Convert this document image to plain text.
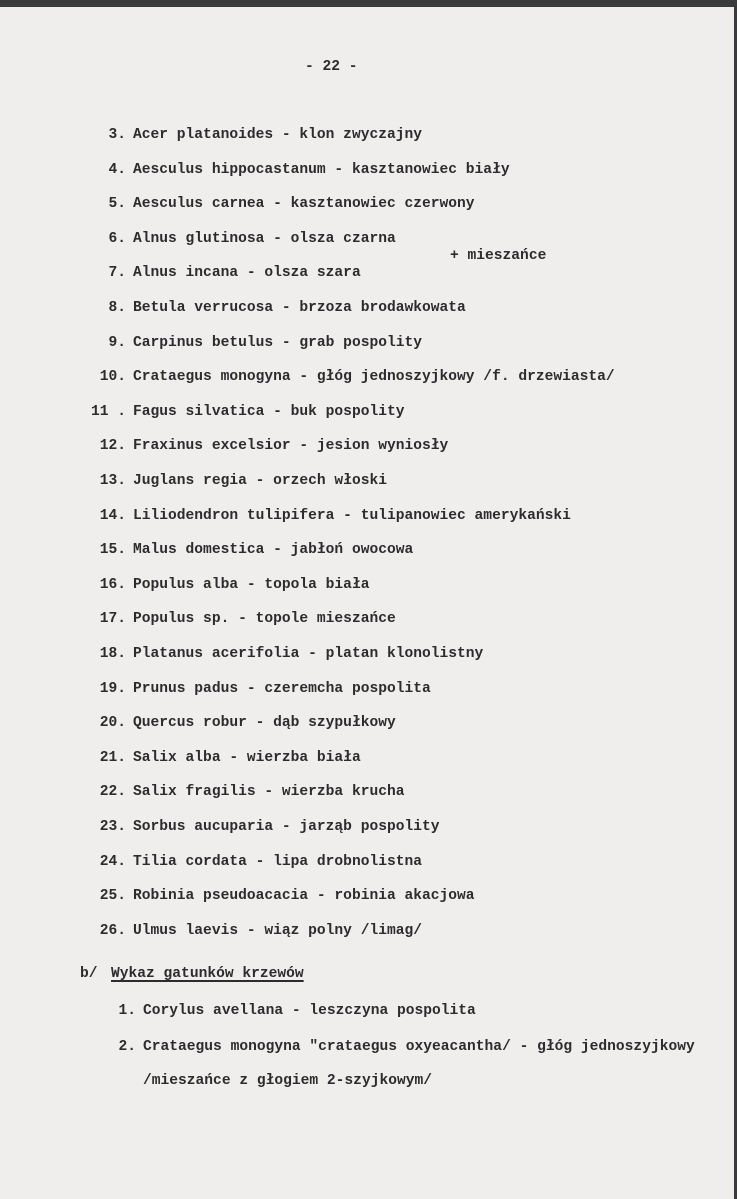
- 22 -
3. Acer platanoides - klon zwyczajny
4. Aesculus hippocastanum - kasztanowiec biały
5. Aesculus carnea - kasztanowiec czerwony
6. Alnus glutinosa - olsza czarna
7. Alnus incana - olsza szara
8. Betula verrucosa - brzoza brodawkowata
9. Carpinus betulus - grab pospolity
10. Crataegus monogyna - głóg jednoszyjkowy /f. drzewiasta/
11 . Fagus silvatica - buk pospolity
12. Fraxinus excelsior - jesion wyniosły
13. Juglans regia - orzech włoski
14. Liliodendron tulipifera - tulipanowiec amerykański
15. Malus domestica - jabłoń owocowa
16. Populus alba - topola biała
17. Populus sp. - topole mieszańce
18. Platanus acerifolia - platan klonolistny
19. Prunus padus - czeremcha pospolita
20. Quercus robur - dąb szypułkowy
21. Salix alba - wierzba biała
22. Salix fragilis - wierzba krucha
23. Sorbus aucuparia - jarząb pospolity
24. Tilia cordata - lipa drobnolistna
25. Robinia pseudoacacia - robinia akacjowa
26. Ulmus laevis - wiąz polny /limag/
+ mieszańce
b/ Wykaz gatunków krzewów
1. Corylus avellana - leszczyna pospolita
2. Crataegus monogyna "crataegus oxyeacantha/ - głóg jednoszyjkowy
/mieszańce z głogiem 2-szyjkowym/
